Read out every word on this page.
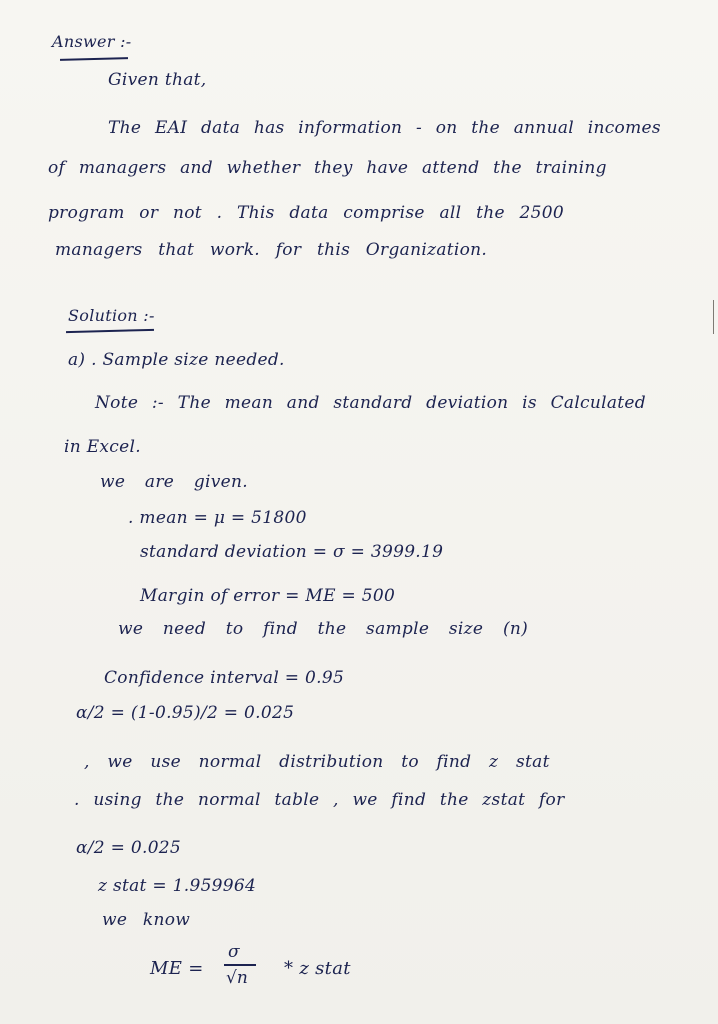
Answer :-
Given that,
The EAI data has information - on the annual incomes
of managers and whether they have attend the training
program or not . This data comprise all the 2500
managers that work. for this Organization.
Solution :-
a) . Sample size needed.
Note :- The mean and standard deviation is Calculated
in Excel.
we are given.
. mean = μ = 51800
standard deviation = σ = 3999.19
Margin of error = ME = 500
we need to find the sample size (n)
Confidence interval = 0.95
α/2 = (1-0.95)/2 = 0.025
, we use normal distribution to find z stat
. using the normal table , we find the zstat for
α/2 = 0.025
z stat = 1.959964
we know
ME =
σ
√n * z stat
